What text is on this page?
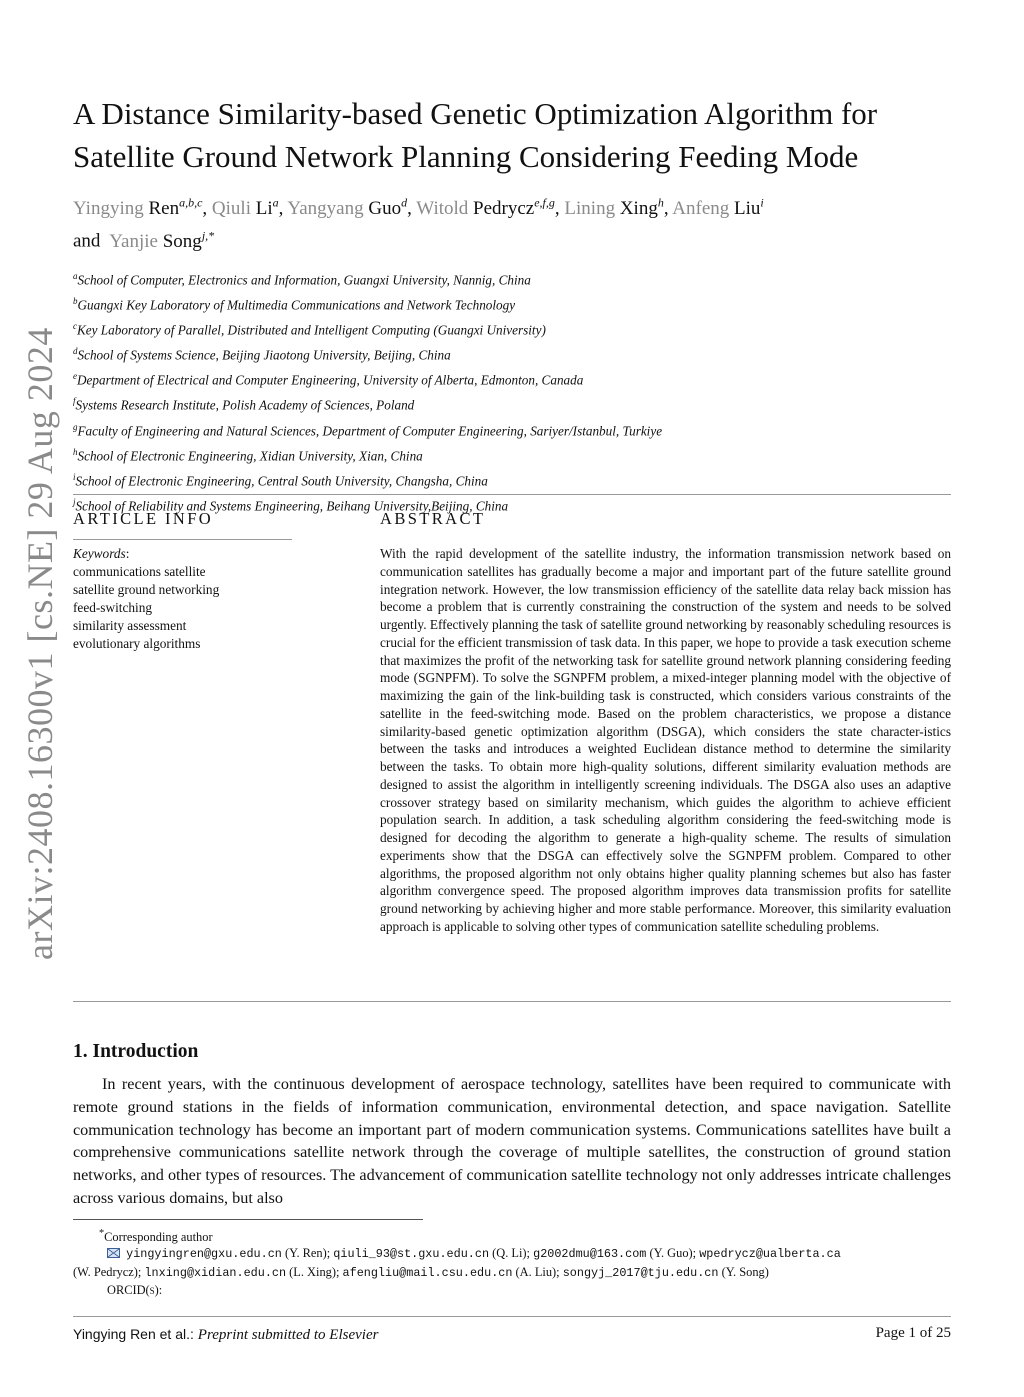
arXiv:2408.16300v1 [cs.NE] 29 Aug 2024
A Distance Similarity-based Genetic Optimization Algorithm for
Satellite Ground Network Planning Considering Feeding Mode
Yingying Ren$^{a,b,c}$, Qiuli Li$^a$, Yangyang Guo$^d$, Witold Pedrycz$^{e,f,g}$, Lining Xing$^h$, Anfeng Liu$^i$
and Yanjie Song$^{j,*}$
$^a$School of Computer, Electronics and Information, Guangxi University, Nannig, China
$^b$Guangxi Key Laboratory of Multimedia Communications and Network Technology
$^c$Key Laboratory of Parallel, Distributed and Intelligent Computing (Guangxi University)
$^d$School of Systems Science, Beijing Jiaotong University, Beijing, China
$^e$Department of Electrical and Computer Engineering, University of Alberta, Edmonton, Canada
$^f$Systems Research Institute, Polish Academy of Sciences, Poland
$^g$Faculty of Engineering and Natural Sciences, Department of Computer Engineering, Sariyer/Istanbul, Turkiye
$^h$School of Electronic Engineering, Xidian University, Xian, China
$^i$School of Electronic Engineering, Central South University, Changsha, China
$^j$School of Reliability and Systems Engineering, Beihang University,Beijing, China
ARTICLE INFO
Keywords:
communications satellite
satellite ground networking
feed-switching
similarity assessment
evolutionary algorithms
ABSTRACT
With the rapid development of the satellite industry, the information transmission network based on communication satellites has gradually become a major and important part of the future satellite ground integration network. However, the low transmission efficiency of the satellite data relay back mission has become a problem that is currently constraining the construction of the system and needs to be solved urgently. Effectively planning the task of satellite ground networking by reasonably scheduling resources is crucial for the efficient transmission of task data. In this paper, we hope to provide a task execution scheme that maximizes the profit of the networking task for satellite ground network planning considering feeding mode (SGNPFM). To solve the SGNPFM problem, a mixed-integer planning model with the objective of maximizing the gain of the link-building task is constructed, which considers various constraints of the satellite in the feed-switching mode. Based on the problem characteristics, we propose a distance similarity-based genetic optimization algorithm (DSGA), which considers the state character-istics between the tasks and introduces a weighted Euclidean distance method to determine the similarity between the tasks. To obtain more high-quality solutions, different similarity evaluation methods are designed to assist the algorithm in intelligently screening individuals. The DSGA also uses an adaptive crossover strategy based on similarity mechanism, which guides the algorithm to achieve efficient population search. In addition, a task scheduling algorithm considering the feed-switching mode is designed for decoding the algorithm to generate a high-quality scheme. The results of simulation experiments show that the DSGA can effectively solve the SGNPFM problem. Compared to other algorithms, the proposed algorithm not only obtains higher quality planning schemes but also has faster algorithm convergence speed. The proposed algorithm improves data transmission profits for satellite ground networking by achieving higher and more stable performance. Moreover, this similarity evaluation approach is applicable to solving other types of communication satellite scheduling problems.
1. Introduction
In recent years, with the continuous development of aerospace technology, satellites have been required to communicate with remote ground stations in the fields of information communication, environmental detection, and space navigation. Satellite communication technology has become an important part of modern communication systems. Communications satellites have built a comprehensive communications satellite network through the coverage of multiple satellites, the construction of ground station networks, and other types of resources. The advancement of communication satellite technology not only addresses intricate challenges across various domains, but also
*Corresponding author
yingyingren@gxu.edu.cn (Y. Ren); qiuli_93@st.gxu.edu.cn (Q. Li); g2002dmu@163.com (Y. Guo); wpedrycz@ualberta.ca
(W. Pedrycz); lnxing@xidian.edu.cn (L. Xing); afengliu@mail.csu.edu.cn (A. Liu); songyj_2017@tju.edu.cn (Y. Song)
ORCID(s):
Yingying Ren et al.: Preprint submitted to Elsevier	Page 1 of 25
